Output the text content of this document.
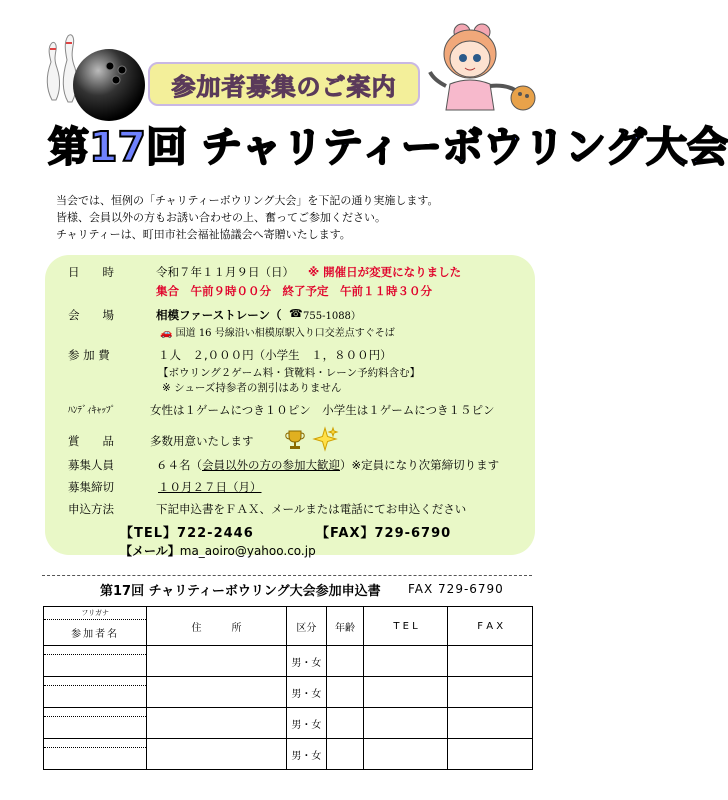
参加者募集のご案内
第17回 チャリティーボウリング大会
当会では、恒例の「チャリティーボウリング大会」を下記の通り実施します。
皆様、会員以外の方もお誘い合わせの上、奮ってご参加ください。
チャリティーは、町田市社会福祉協議会へ寄贈いたします。
日　　時	令和７年１１月９日（日） ※ 開催日が変更になりました
集合　午前９時００分　終了予定　午前１１時３０分
会　　場	相模ファーストレーン（ ☎ 755-1088）
🚗 国道 16 号線沿い相模原駅入り口交差点すぐそば
参 加 費	１人　２,０００円（小学生　１，８００円）
【ボウリング２ゲーム料・貸靴料・レーン予約料含む】
※ シューズ持参者の割引はありません
ﾊﾝﾃﾞｨｷｬｯﾌﾟ	女性は１ゲームにつき１０ピン　小学生は１ゲームにつき１５ピン
賞　　品	多数用意いたします
募集人員	６４名（会員以外の方の参加大歓迎）※定員になり次第締切ります
募集締切	１０月２７日（月）
申込方法	下記申込書をＦＡＸ、メールまたは電話にてお申込ください
【TEL】722-2446	【FAX】729-6790
【メール】ma_aoiro@yahoo.co.jp
第17回 チャリティーボウリング大会参加申込書 FAX 729-6790
フリガナ
参加者名	住　　　所	区分	年齢	T E L	F A X

		男・女			

		男・女			

		男・女			

		男・女			
